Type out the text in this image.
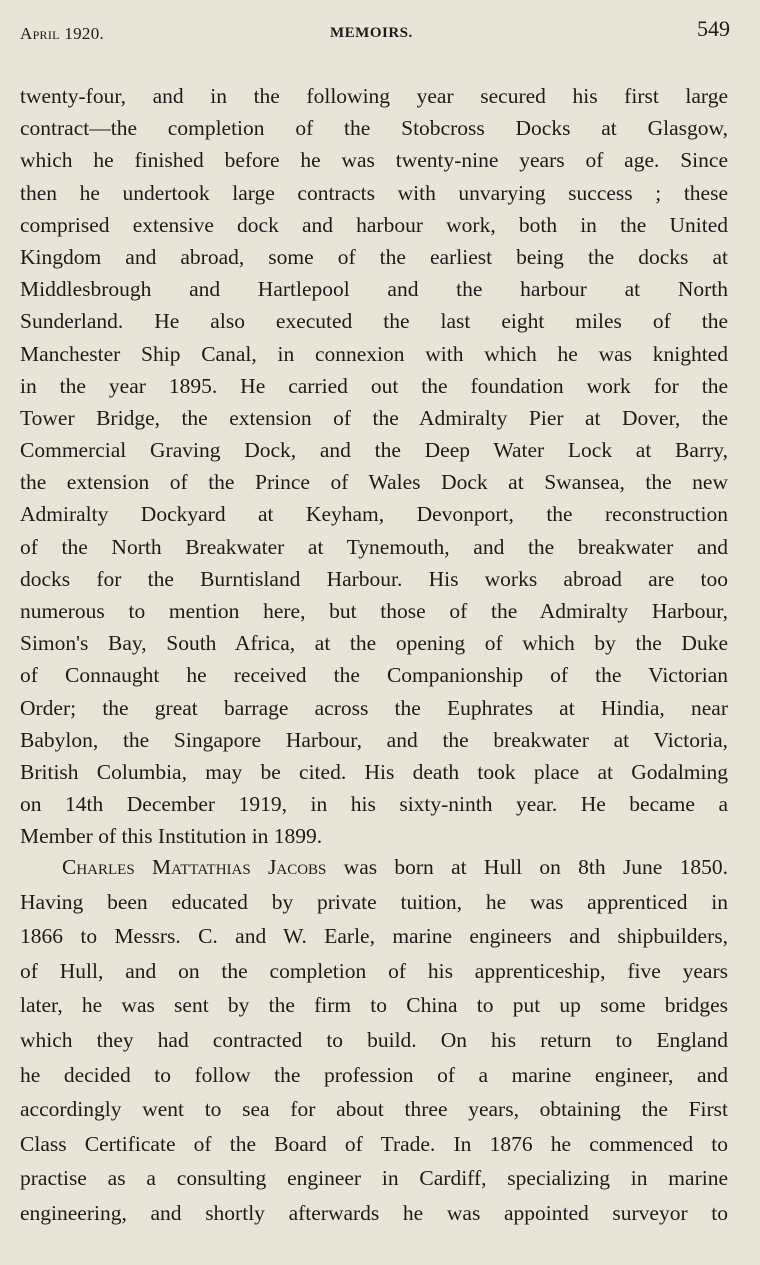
April 1920.	MEMOIRS.	549
twenty-four, and in the following year secured his first large
contract—the completion of the Stobcross Docks at Glasgow,
which he finished before he was twenty-nine years of age. Since
then he undertook large contracts with unvarying success ; these
comprised extensive dock and harbour work, both in the United
Kingdom and abroad, some of the earliest being the docks at
Middlesbrough and Hartlepool and the harbour at North
Sunderland. He also executed the last eight miles of the
Manchester Ship Canal, in connexion with which he was knighted
in the year 1895. He carried out the foundation work for the
Tower Bridge, the extension of the Admiralty Pier at Dover, the
Commercial Graving Dock, and the Deep Water Lock at Barry,
the extension of the Prince of Wales Dock at Swansea, the new
Admiralty Dockyard at Keyham, Devonport, the reconstruction
of the North Breakwater at Tynemouth, and the breakwater and
docks for the Burntisland Harbour. His works abroad are too
numerous to mention here, but those of the Admiralty Harbour,
Simon's Bay, South Africa, at the opening of which by the Duke
of Connaught he received the Companionship of the Victorian
Order; the great barrage across the Euphrates at Hindia, near
Babylon, the Singapore Harbour, and the breakwater at Victoria,
British Columbia, may be cited. His death took place at Godalming
on 14th December 1919, in his sixty-ninth year. He became a
Member of this Institution in 1899.
Charles Mattathias Jacobs was born at Hull on 8th June 1850.
Having been educated by private tuition, he was apprenticed in
1866 to Messrs. C. and W. Earle, marine engineers and shipbuilders,
of Hull, and on the completion of his apprenticeship, five years
later, he was sent by the firm to China to put up some bridges
which they had contracted to build. On his return to England
he decided to follow the profession of a marine engineer, and
accordingly went to sea for about three years, obtaining the First
Class Certificate of the Board of Trade. In 1876 he commenced to
practise as a consulting engineer in Cardiff, specializing in marine
engineering, and shortly afterwards he was appointed surveyor to
